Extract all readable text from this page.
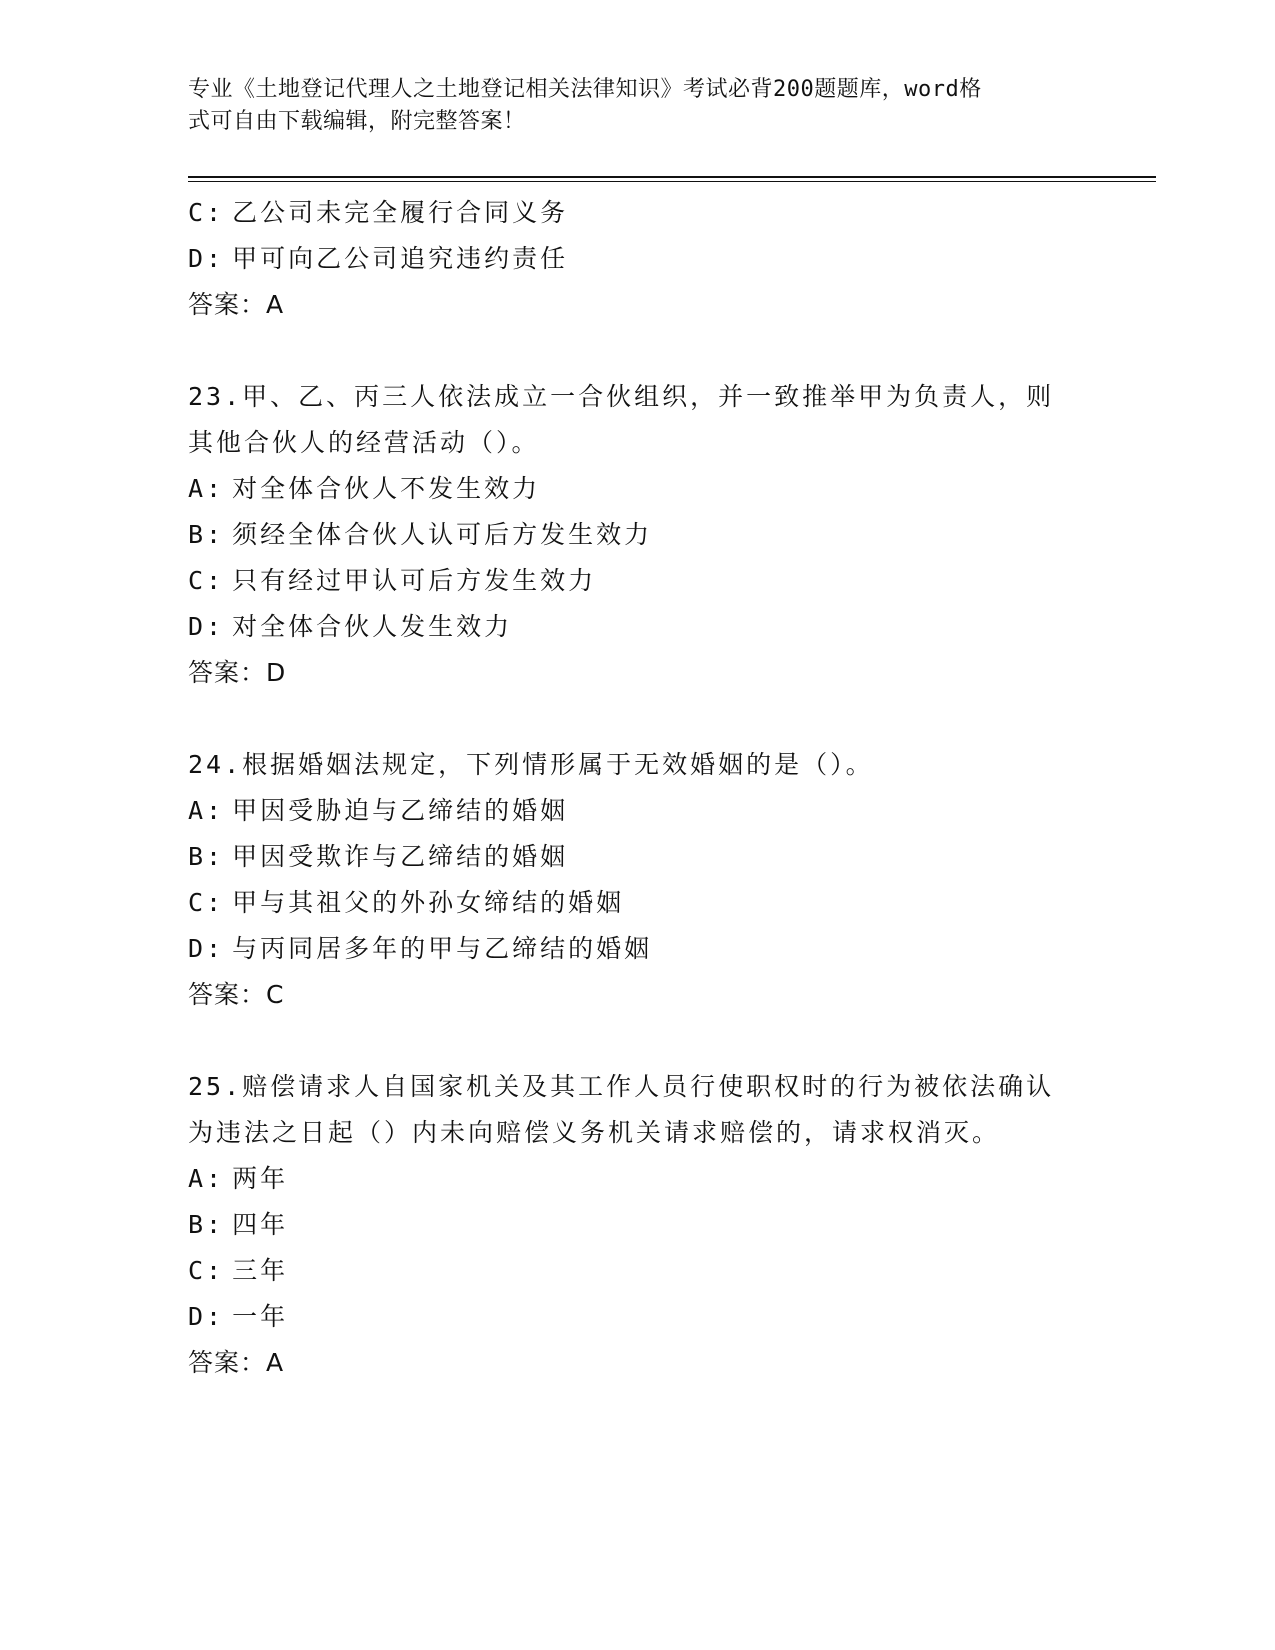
专业《土地登记代理人之土地登记相关法律知识》考试必背200题题库，word格
式可自由下载编辑，附完整答案！
C: 乙公司未完全履行合同义务
D: 甲可向乙公司追究违约责任
答案：A
23.甲、乙、丙三人依法成立一合伙组织，并一致推举甲为负责人，则
其他合伙人的经营活动（）。
A: 对全体合伙人不发生效力
B: 须经全体合伙人认可后方发生效力
C: 只有经过甲认可后方发生效力
D: 对全体合伙人发生效力
答案：D
24.根据婚姻法规定，下列情形属于无效婚姻的是（）。
A: 甲因受胁迫与乙缔结的婚姻
B: 甲因受欺诈与乙缔结的婚姻
C: 甲与其祖父的外孙女缔结的婚姻
D: 与丙同居多年的甲与乙缔结的婚姻
答案：C
25.赔偿请求人自国家机关及其工作人员行使职权时的行为被依法确认
为违法之日起（）内未向赔偿义务机关请求赔偿的，请求权消灭。
A: 两年
B: 四年
C: 三年
D: 一年
答案：A
